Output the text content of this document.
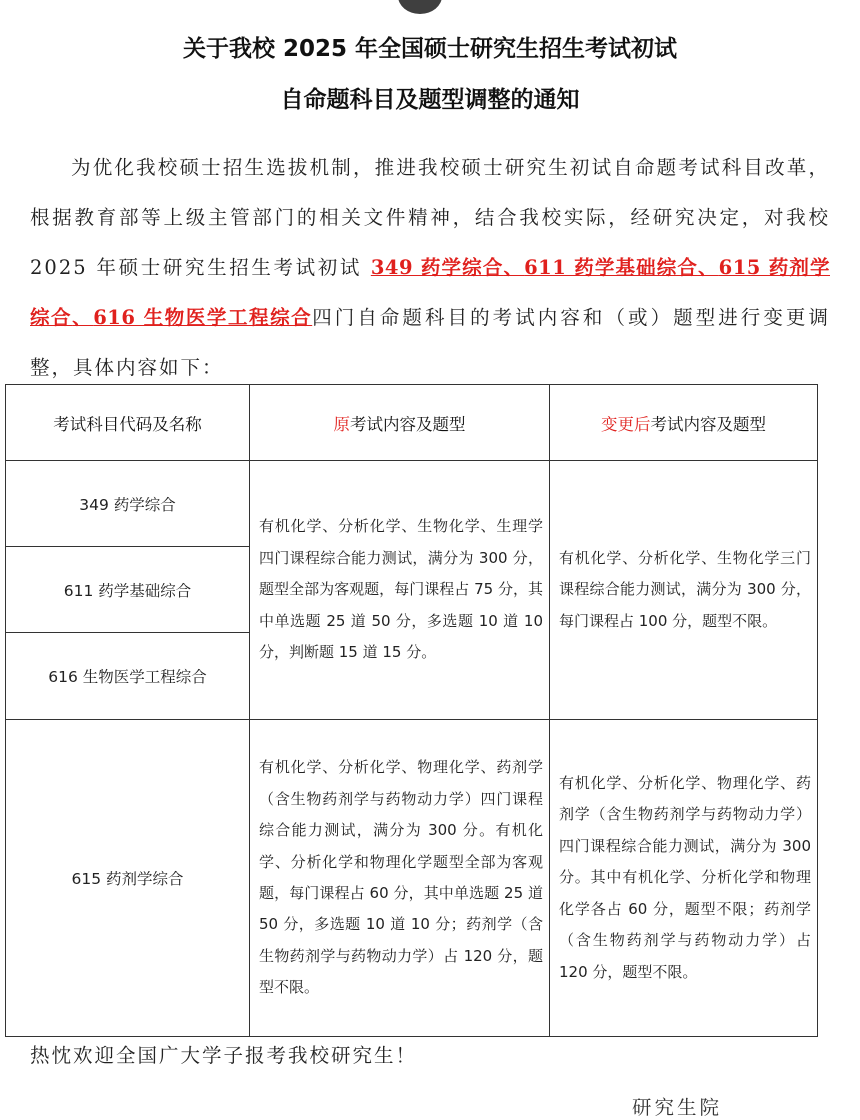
关于我校 2025 年全国硕士研究生招生考试初试
自命题科目及题型调整的通知

为优化我校硕士招生选拔机制，推进我校硕士研究生初试自命题考试科目改革，根据教育部等上级主管部门的相关文件精神，结合我校实际，经研究决定，对我校 2025 年硕士研究生招生考试初试 349 药学综合、611 药学基础综合、615 药剂学综合、616 生物医学工程综合四门自命题科目的考试内容和（或）题型进行变更调整，具体内容如下：

考试科目代码及名称	原考试内容及题型	变更后考试内容及题型
349 药学综合	有机化学、分析化学、生物化学、生理学四门课程综合能力测试，满分为 300 分，题型全部为客观题，每门课程占 75 分，其中单选题 25 道 50 分，多选题 10 道 10 分，判断题 15 道 15 分。	有机化学、分析化学、生物化学三门课程综合能力测试，满分为 300 分，每门课程占 100 分，题型不限。
611 药学基础综合		
616 生物医学工程综合		
615 药剂学综合	有机化学、分析化学、物理化学、药剂学（含生物药剂学与药物动力学）四门课程综合能力测试，满分为 300 分。有机化学、分析化学和物理化学题型全部为客观题，每门课程占 60 分，其中单选题 25 道 50 分，多选题 10 道 10 分；药剂学（含生物药剂学与药物动力学）占 120 分，题型不限。	有机化学、分析化学、物理化学、药剂学（含生物药剂学与药物动力学）四门课程综合能力测试，满分为 300 分。其中有机化学、分析化学和物理化学各占 60 分，题型不限；药剂学（含生物药剂学与药物动力学）占 120 分，题型不限。

热忱欢迎全国广大学子报考我校研究生！

研究生院
